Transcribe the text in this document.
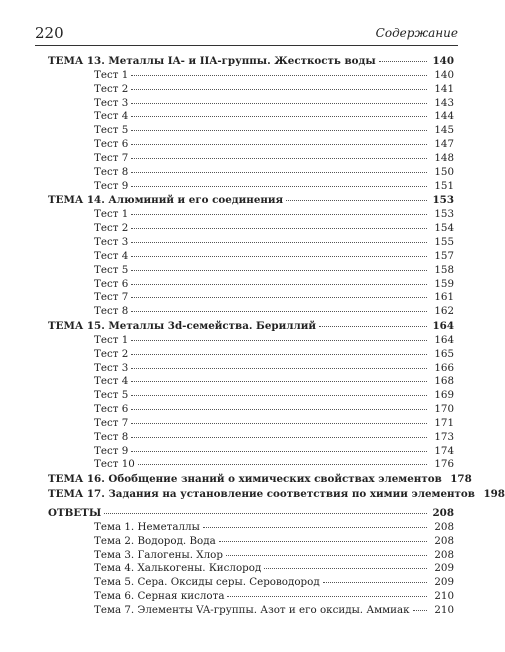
220	Содержание
ТЕМА 13. Металлы IA- и IIA-группы. Жесткость воды	140
Тест 1	140
Тест 2	141
Тест 3	143
Тест 4	144
Тест 5	145
Тест 6	147
Тест 7	148
Тест 8	150
Тест 9	151
ТЕМА 14. Алюминий и его соединения	153
Тест 1	153
Тест 2	154
Тест 3	155
Тест 4	157
Тест 5	158
Тест 6	159
Тест 7	161
Тест 8	162
ТЕМА 15. Металлы 3d-семейства. Бериллий	164
Тест 1	164
Тест 2	165
Тест 3	166
Тест 4	168
Тест 5	169
Тест 6	170
Тест 7	171
Тест 8	173
Тест 9	174
Тест 10	176
ТЕМА 16. Обобщение знаний о химических свойствах элементов 178
ТЕМА 17. Задания на установление соответствия по химии элементов 198
ОТВЕТЫ	208
Тема 1. Неметаллы	208
Тема 2. Водород. Вода	208
Тема 3. Галогены. Хлор	208
Тема 4. Халькогены. Кислород	209
Тема 5. Сера. Оксиды серы. Сероводород	209
Тема 6. Серная кислота	210
Тема 7. Элементы VA-группы. Азот и его оксиды. Аммиак	210
